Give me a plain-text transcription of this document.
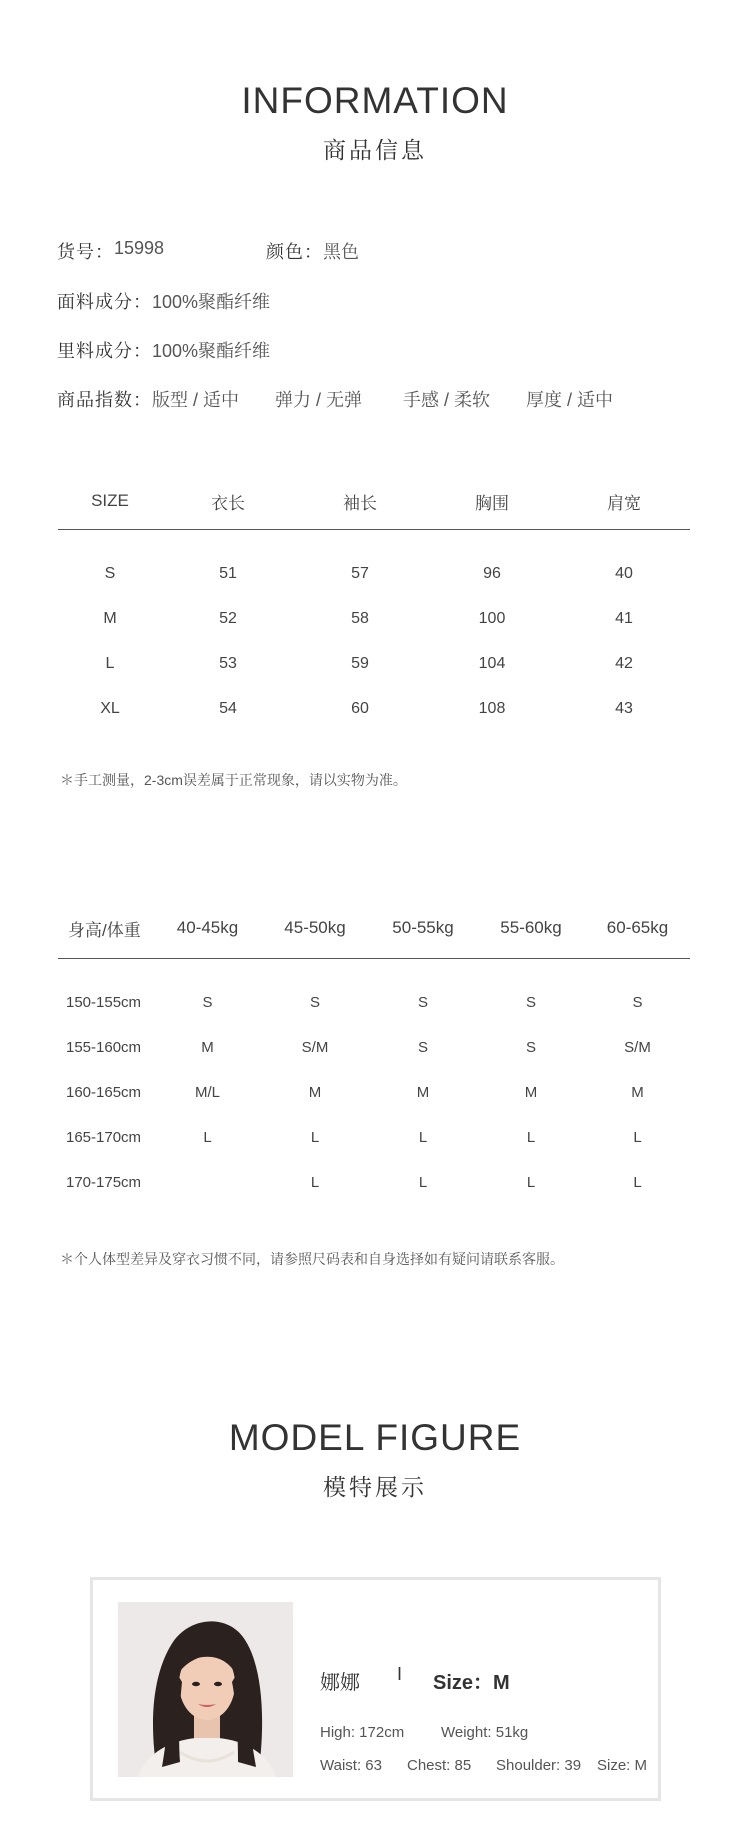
INFORMATION
商品信息
货号： 15998	颜色： 黑色
面料成分： 100%聚酯纤维
里料成分： 100%聚酯纤维
商品指数： 版型 / 适中	弹力 / 无弹	手感 / 柔软	厚度 / 适中
SIZE	衣长	袖长	胸围	肩宽
S	51	57	96	40
M	52	58	100	41
L	53	59	104	42
XL	54	60	108	43
＊手工测量，2-3cm误差属于正常现象，请以实物为准。
身高/体重	40-45kg	45-50kg	50-55kg	55-60kg	60-65kg
150-155cm	S	S	S	S	S
155-160cm	M	S/M	S	S	S/M
160-165cm	M/L	M	M	M	M
165-170cm	L	L	L	L	L
170-175cm		L	L	L	L
＊个人体型差异及穿衣习惯不同，请参照尺码表和自身选择如有疑问请联系客服。
MODEL FIGURE
模特展示
娜娜 I Size：M
High: 172cm Weight: 51kg
Waist: 63 Chest: 85 Shoulder: 39 Size: M
